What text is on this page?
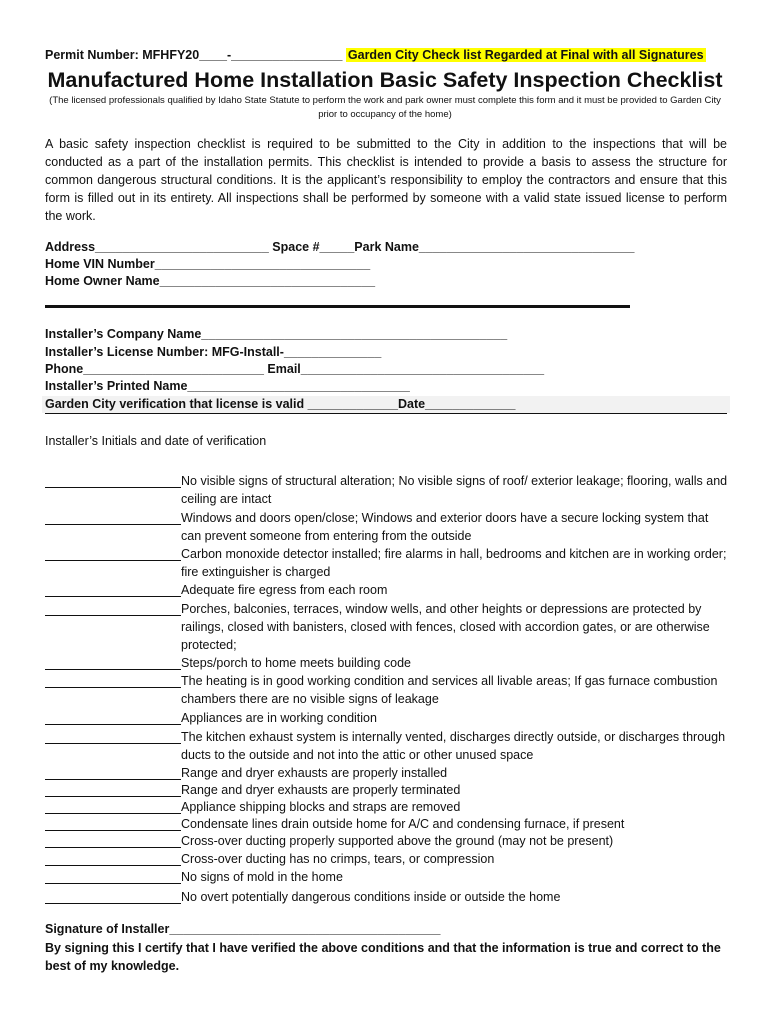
Permit Number: MFHFY20____-________________ Garden City Check list Regarded at Final with all Signatures
Manufactured Home Installation Basic Safety Inspection Checklist
(The licensed professionals qualified by Idaho State Statute to perform the work and park owner must complete this form and it must be provided to Garden City prior to occupancy of the home)
A basic safety inspection checklist is required to be submitted to the City in addition to the inspections that will be conducted as a part of the installation permits. This checklist is intended to provide a basis to assess the structure for common dangerous structural conditions. It is the applicant’s responsibility to employ the contractors and ensure that this form is filled out in its entirety. All inspections shall be performed by someone with a valid state issued license to perform the work.
Address_________________________ Space #_____Park Name_______________________________
Home VIN Number_______________________________
Home Owner Name_______________________________
Installer’s Company Name____________________________________________
Installer’s License Number: MFG-Install-______________
Phone__________________________ Email___________________________________
Installer’s Printed Name________________________________
Garden City verification that license is valid _____________Date_____________
Installer’s Initials and date of verification
No visible signs of structural alteration; No visible signs of roof/ exterior leakage; flooring, walls and ceiling are intact
Windows and doors open/close; Windows and exterior doors have a secure locking system that can prevent someone from entering from the outside
Carbon monoxide detector installed; fire alarms in hall, bedrooms and kitchen are in working order; fire extinguisher is charged
Adequate fire egress from each room
Porches, balconies, terraces, window wells, and other heights or depressions are protected by railings, closed with banisters, closed with fences, closed with accordion gates, or are otherwise protected;
Steps/porch to home meets building code
The heating is in good working condition and services all livable areas; If gas furnace combustion chambers there are no visible signs of leakage
Appliances are in working condition
The kitchen exhaust system is internally vented, discharges directly outside, or discharges through ducts to the outside and not into the attic or other unused space
Range and dryer exhausts are properly installed
Range and dryer exhausts are properly terminated
Appliance shipping blocks and straps are removed
Condensate lines drain outside home for A/C and condensing furnace, if present
Cross-over ducting properly supported above the ground (may not be present)
Cross-over ducting has no crimps, tears, or compression
No signs of mold in the home
No overt potentially dangerous conditions inside or outside the home
Signature of Installer_______________________________________
By signing this I certify that I have verified the above conditions and that the information is true and correct to the best of my knowledge.
